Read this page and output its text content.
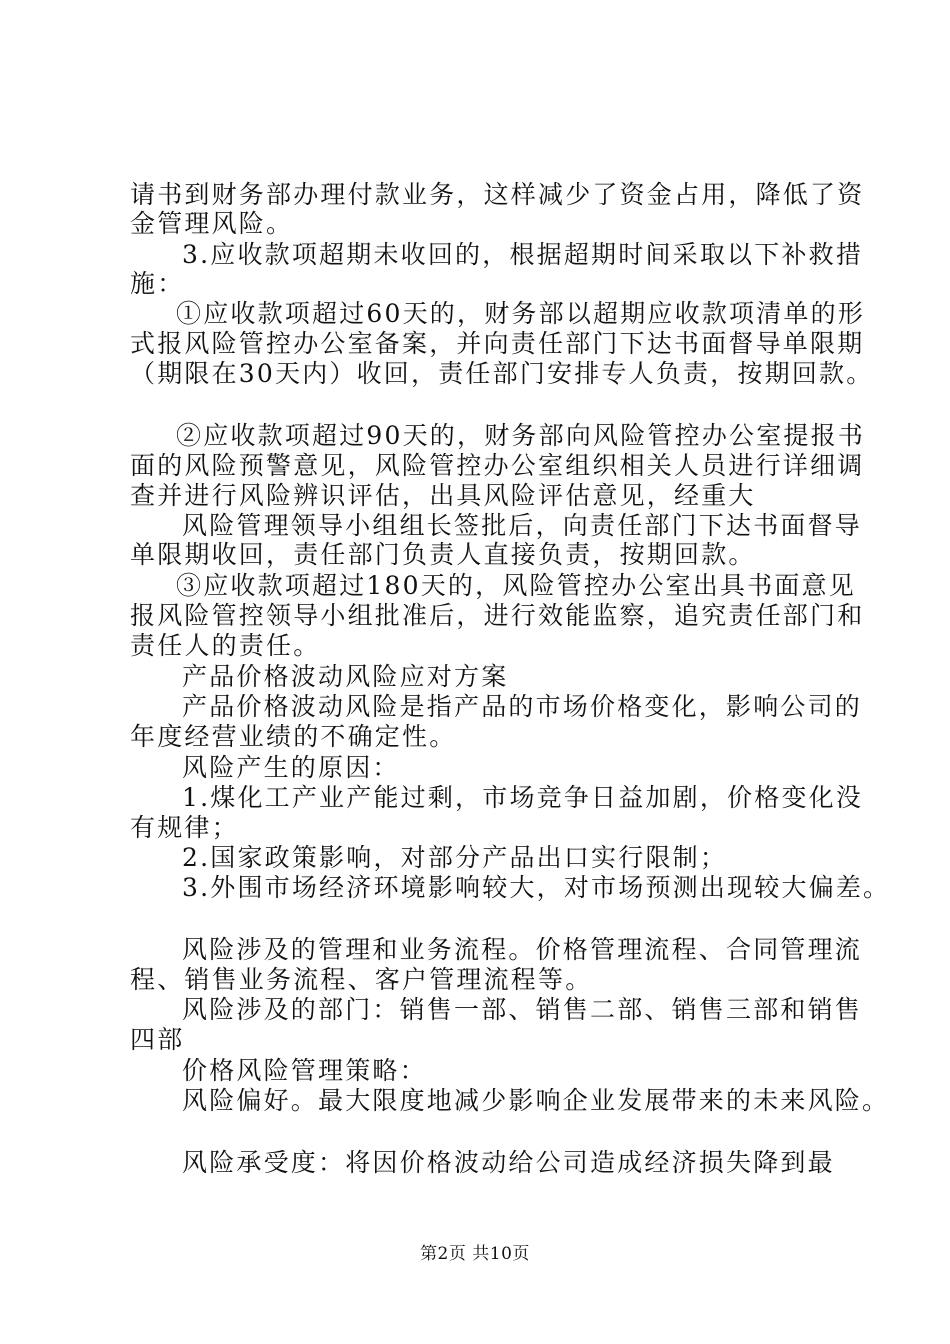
请书到财务部办理付款业务，这样减少了资金占用，降低了资
金管理风险。
3.应收款项超期未收回的，根据超期时间采取以下补救措
施：
①应收款项超过60天的，财务部以超期应收款项清单的形
式报风险管控办公室备案，并向责任部门下达书面督导单限期
（期限在30天内）收回，责任部门安排专人负责，按期回款。
②应收款项超过90天的，财务部向风险管控办公室提报书
面的风险预警意见，风险管控办公室组织相关人员进行详细调
查并进行风险辨识评估，出具风险评估意见，经重大
风险管理领导小组组长签批后，向责任部门下达书面督导
单限期收回，责任部门负责人直接负责，按期回款。
③应收款项超过180天的，风险管控办公室出具书面意见
报风险管控领导小组批准后，进行效能监察，追究责任部门和
责任人的责任。
产品价格波动风险应对方案
产品价格波动风险是指产品的市场价格变化，影响公司的
年度经营业绩的不确定性。
风险产生的原因：
1.煤化工产业产能过剩，市场竞争日益加剧，价格变化没
有规律；
2.国家政策影响，对部分产品出口实行限制；
3.外围市场经济环境影响较大，对市场预测出现较大偏差。
风险涉及的管理和业务流程。价格管理流程、合同管理流
程、销售业务流程、客户管理流程等。
风险涉及的部门：销售一部、销售二部、销售三部和销售
四部
价格风险管理策略：
风险偏好。最大限度地减少影响企业发展带来的未来风险。
风险承受度：将因价格波动给公司造成经济损失降到最
第2页 共10页
